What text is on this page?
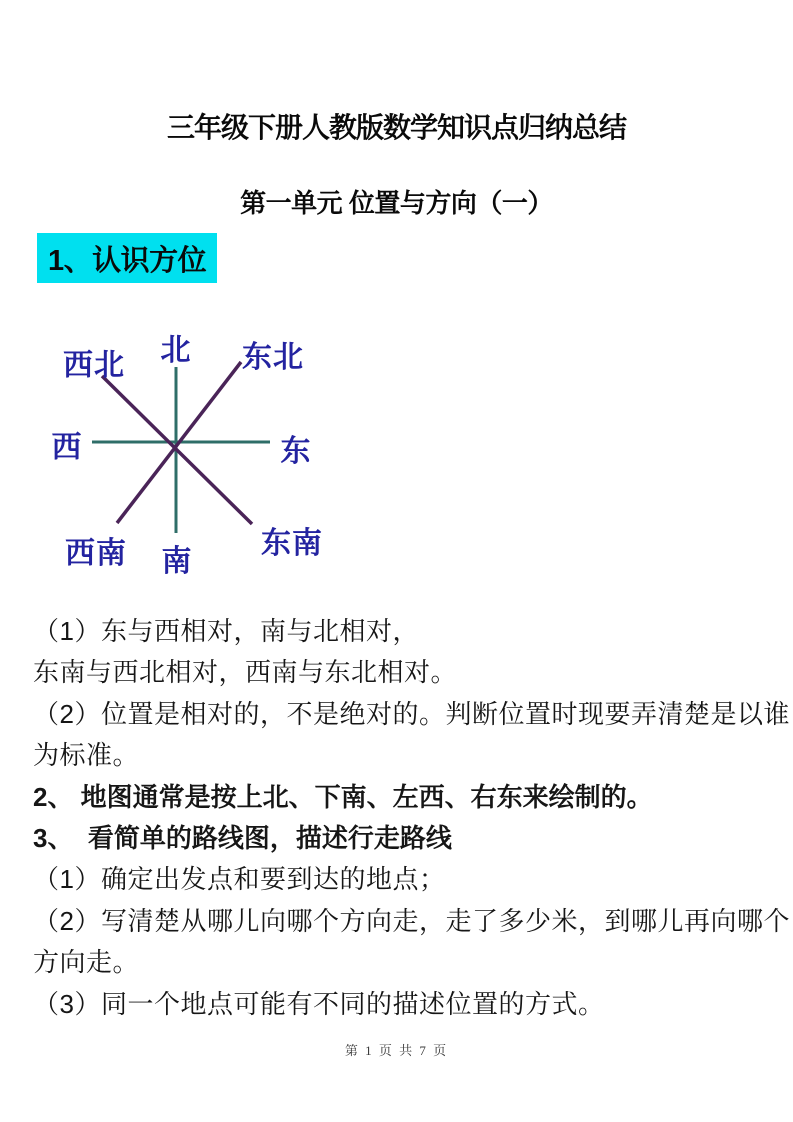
三年级下册人教版数学知识点归纳总结
第一单元 位置与方向（一）
1、认识方位
北
西北	东北
西	东
西南 南
东南
（1）东与西相对，南与北相对，
东南与西北相对，西南与东北相对。
（2）位置是相对的，不是绝对的。判断位置时现要弄清楚是以谁
为标准。
2、 地图通常是按上北、下南、左西、右东来绘制的。
3、  看简单的路线图，描述行走路线
（1）确定出发点和要到达的地点；
（2）写清楚从哪儿向哪个方向走，走了多少米，到哪儿再向哪个
方向走。
（3）同一个地点可能有不同的描述位置的方式。
第 1 页 共 7 页
